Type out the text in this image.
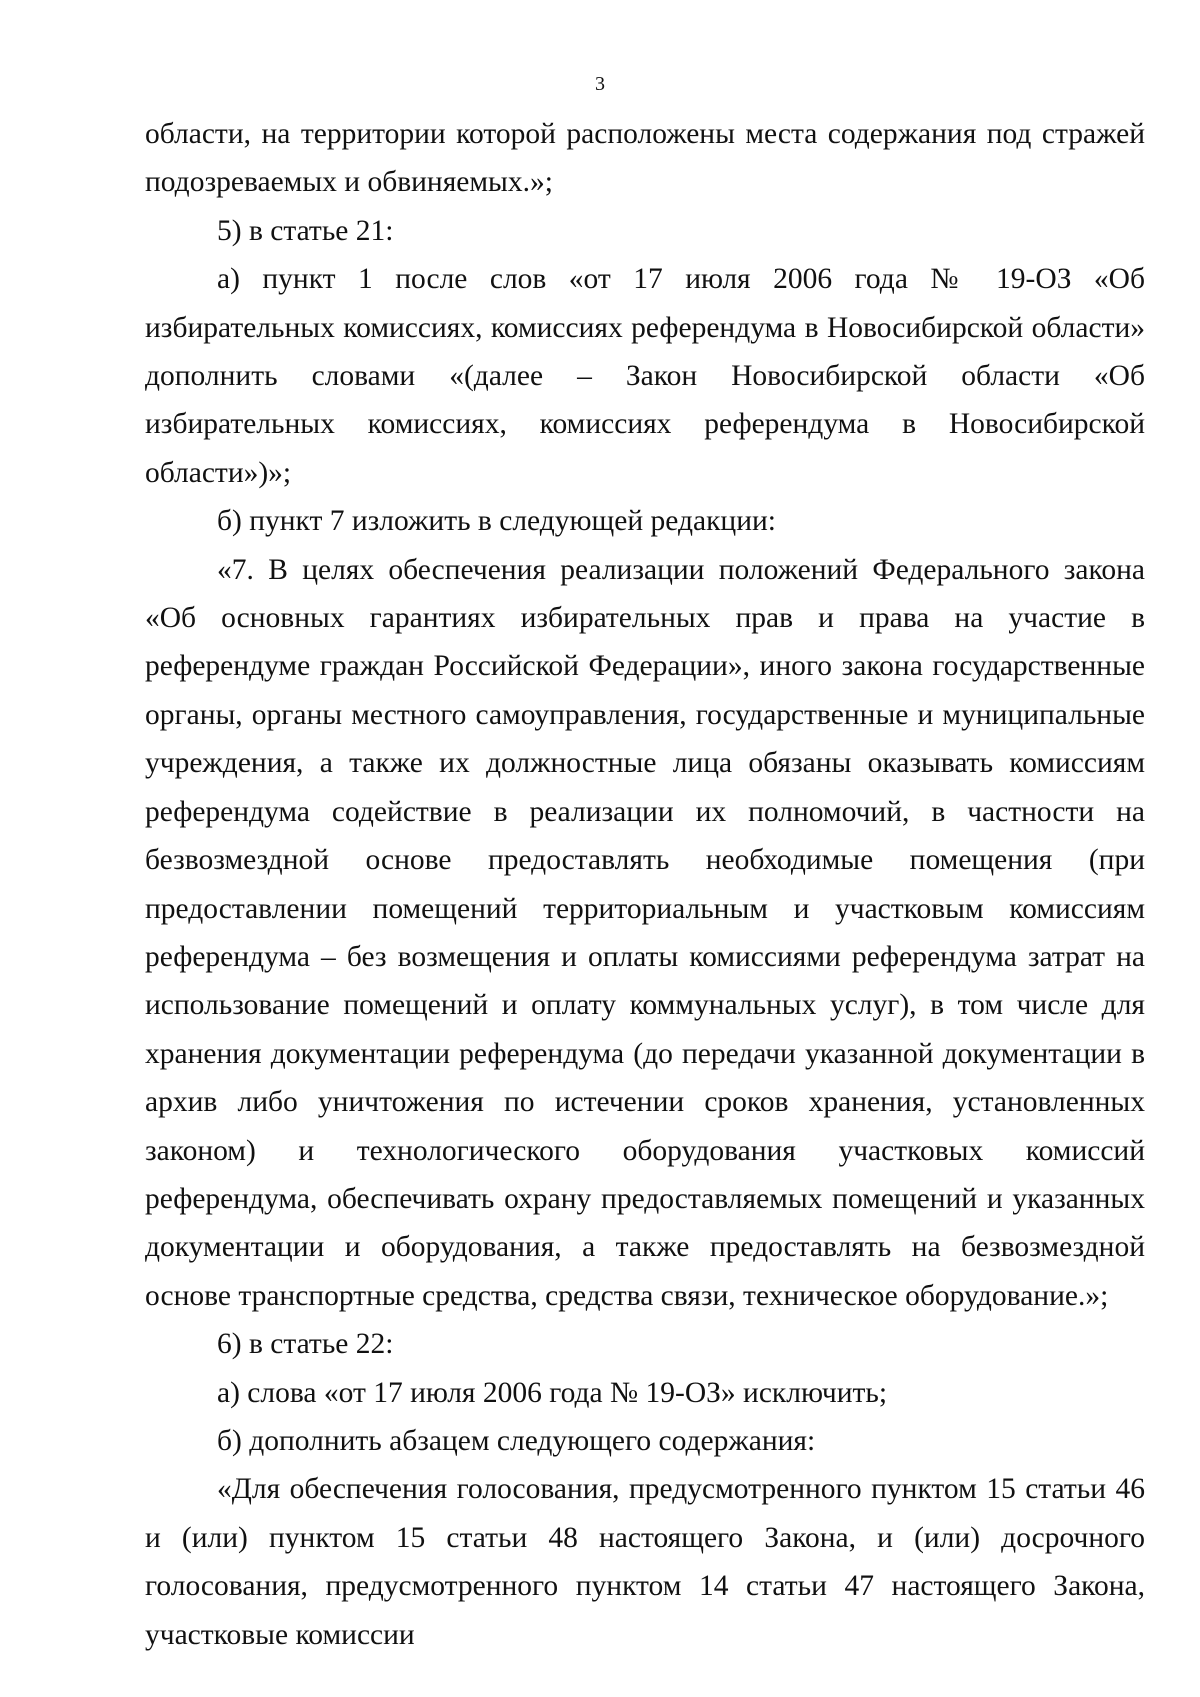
3

области, на территории которой расположены места содержания под стражей подозреваемых и обвиняемых.»;

5) в статье 21:

а) пункт 1 после слов «от 17 июля 2006 года № 19-ОЗ «Об избирательных комиссиях, комиссиях референдума в Новосибирской области» дополнить словами «(далее – Закон Новосибирской области «Об избирательных комиссиях, комиссиях референдума в Новосибирской области»)»;

б) пункт 7 изложить в следующей редакции:

«7. В целях обеспечения реализации положений Федерального закона «Об основных гарантиях избирательных прав и права на участие в референдуме граждан Российской Федерации», иного закона государственные органы, органы местного самоуправления, государственные и муниципальные учреждения, а также их должностные лица обязаны оказывать комиссиям референдума содействие в реализации их полномочий, в частности на безвозмездной основе предоставлять необходимые помещения (при предоставлении помещений территориальным и участковым комиссиям референдума – без возмещения и оплаты комиссиями референдума затрат на использование помещений и оплату коммунальных услуг), в том числе для хранения документации референдума (до передачи указанной документации в архив либо уничтожения по истечении сроков хранения, установленных законом) и технологического оборудования участковых комиссий референдума, обеспечивать охрану предоставляемых помещений и указанных документации и оборудования, а также предоставлять на безвозмездной основе транспортные средства, средства связи, техническое оборудование.»;

6) в статье 22:

а) слова «от 17 июля 2006 года № 19-ОЗ» исключить;

б) дополнить абзацем следующего содержания:

«Для обеспечения голосования, предусмотренного пунктом 15 статьи 46 и (или) пунктом 15 статьи 48 настоящего Закона, и (или) досрочного голосования, предусмотренного пунктом 14 статьи 47 настоящего Закона, участковые комиссии
